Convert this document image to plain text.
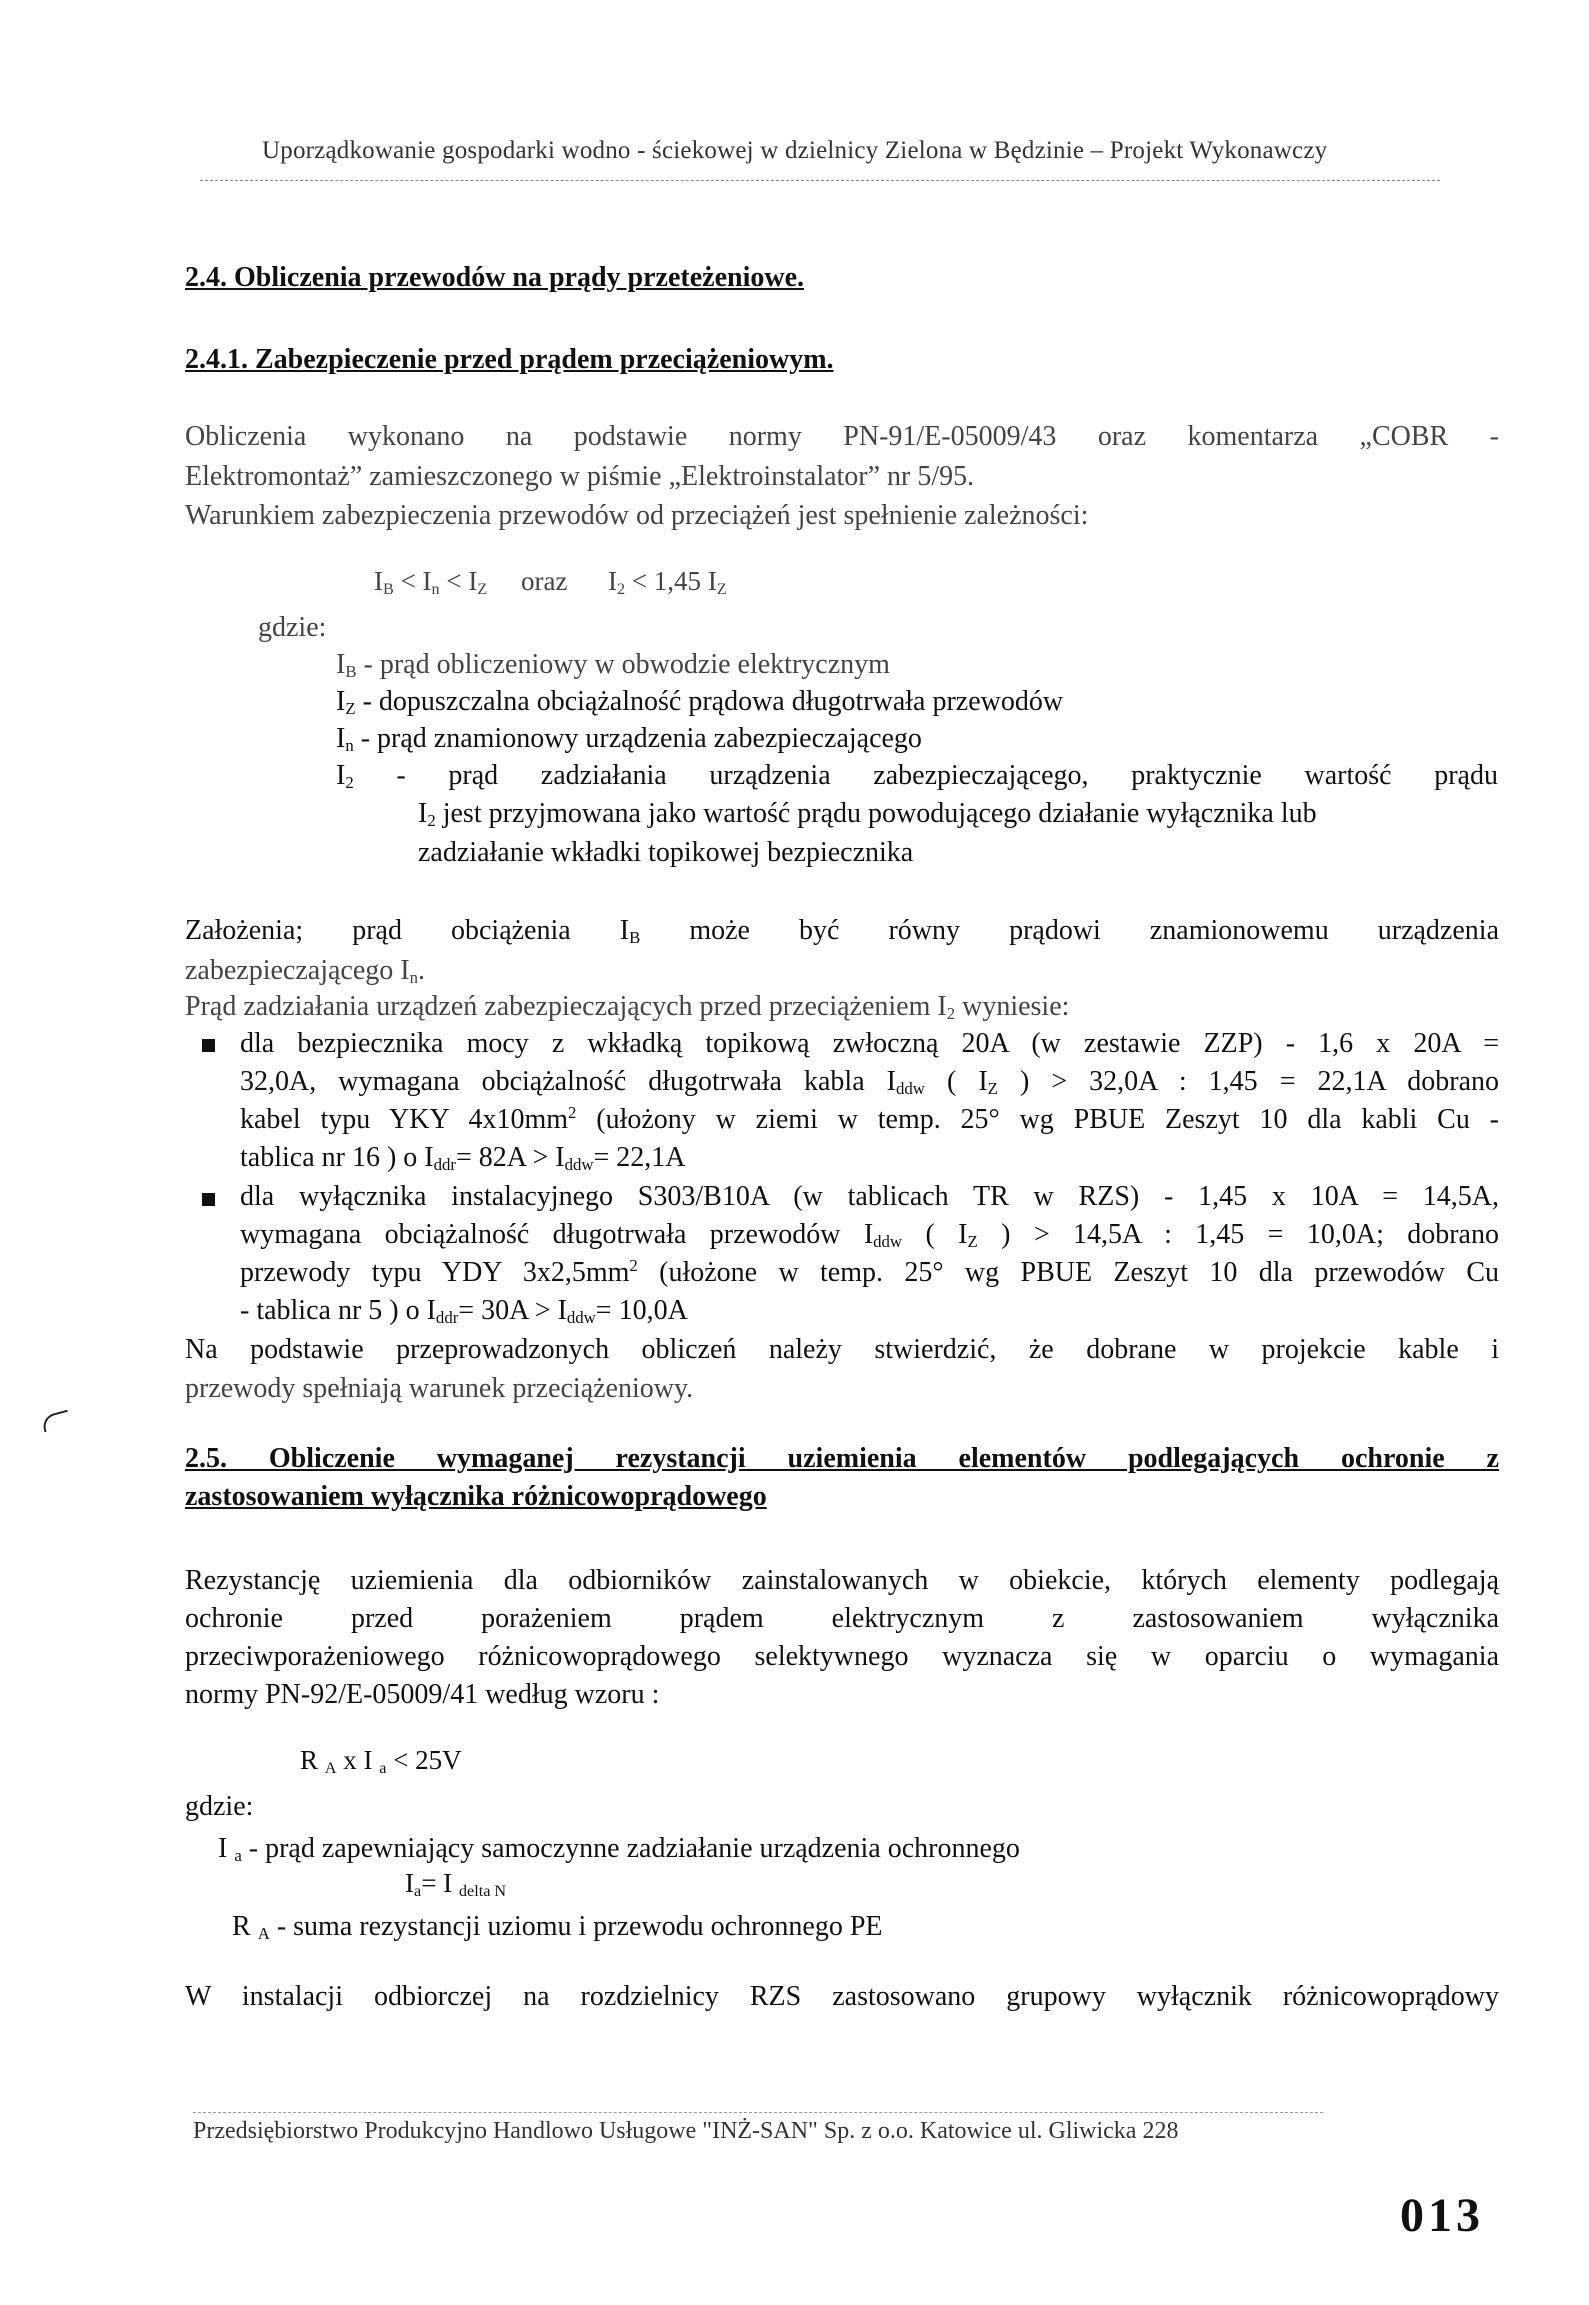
Uporządkowanie gospodarki wodno - ściekowej w dzielnicy Zielona w Będzinie – Projekt Wykonawczy
2.4. Obliczenia przewodów na prądy przeteżeniowe.
2.4.1. Zabezpieczenie przed prądem przeciążeniowym.
Obliczenia wykonano na podstawie normy PN-91/E-05009/43 oraz komentarza „COBR -
Elektromontaż” zamieszczonego w piśmie „Elektroinstalator” nr 5/95.
Warunkiem zabezpieczenia przewodów od przeciążeń jest spełnienie zależności:
$I_B < I_n < I_Z$ oraz $I_2 < 1,45$ $I_Z$
gdzie:
$I_B$ - prąd obliczeniowy w obwodzie elektrycznym
$I_Z$ - dopuszczalna obciążalność prądowa długotrwała przewodów
$I_n$ - prąd znamionowy urządzenia zabezpieczającego
$I_2$ - prąd zadziałania urządzenia zabezpieczającego, praktycznie wartość prądu
$I_2$ jest przyjmowana jako wartość prądu powodującego działanie wyłącznika lub
zadziałanie wkładki topikowej bezpiecznika
Założenia; prąd obciążenia $I_B$ może być równy prądowi znamionowemu urządzenia
zabezpieczającego $I_n$.
Prąd zadziałania urządzeń zabezpieczających przed przeciążeniem $I_2$ wyniesie:
dla bezpiecznika mocy z wkładką topikową zwłoczną 20A (w zestawie ZZP) - 1,6 x 20A =
32,0A, wymagana obciążalność długotrwała kabla $I_{ddw}$ ( $I_Z$ ) > 32,0A : 1,45 = 22,1A dobrano
kabel typu YKY $4x10mm^2$ (ułożony w ziemi w temp. 25° wg PBUE Zeszyt 10 dla kabli Cu -
tablica nr 16 ) o $I_{ddr}= 82A > I_{ddw}= 22,1A$
dla wyłącznika instalacyjnego S303/B10A (w tablicach TR w RZS) - 1,45 x 10A = 14,5A,
wymagana obciążalność długotrwała przewodów $I_{ddw}$ ( $I_Z$ ) > 14,5A : 1,45 = 10,0A; dobrano
przewody typu YDY $3x2,5mm^2$ (ułożone w temp. 25° wg PBUE Zeszyt 10 dla przewodów Cu
- tablica nr 5 ) o $I_{ddr}= 30A > I_{ddw}= 10,0A$
Na podstawie przeprowadzonych obliczeń należy stwierdzić, że dobrane w projekcie kable i
przewody spełniają warunek przeciążeniowy.
2.5. Obliczenie wymaganej rezystancji uziemienia elementów podlegających ochronie z
zastosowaniem wyłącznika różnicowoprądowego
Rezystancję uziemienia dla odbiorników zainstalowanych w obiekcie, których elementy podlegają
ochronie przed porażeniem prądem elektrycznym z zastosowaniem wyłącznika
przeciwporażeniowego różnicowoprądowego selektywnego wyznacza się w oparciu o wymagania
normy PN-92/E-05009/41 według wzoru :
R $_A$ x I $_a$ < 25V
gdzie:
I $_a$ - prąd zapewniający samoczynne zadziałanie urządzenia ochronnego
$I_a= I$ $_{delta N}$
R $_A$ - suma rezystancji uziomu i przewodu ochronnego PE
W instalacji odbiorczej na rozdzielnicy RZS zastosowano grupowy wyłącznik różnicowoprądowy
Przedsiębiorstwo Produkcyjno Handlowo Usługowe "INŻ-SAN" Sp. z o.o. Katowice ul. Gliwicka 228
013
